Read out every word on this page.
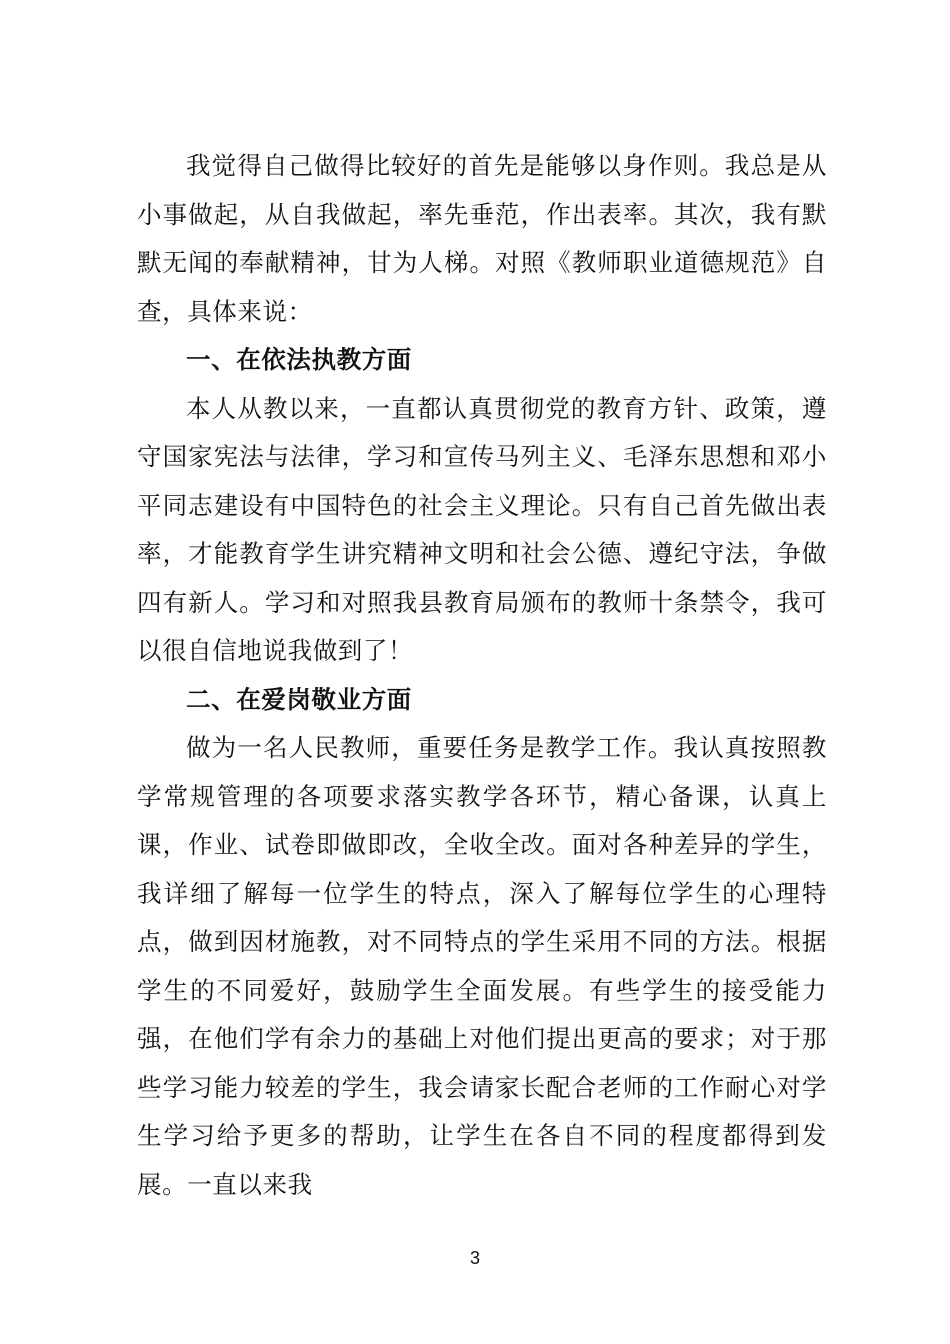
我觉得自己做得比较好的首先是能够以身作则。我总是从小事做起，从自我做起，率先垂范，作出表率。其次，我有默默无闻的奉献精神，甘为人梯。对照《教师职业道德规范》自查，具体来说：

一、在依法执教方面

本人从教以来，一直都认真贯彻党的教育方针、政策，遵守国家宪法与法律，学习和宣传马列主义、毛泽东思想和邓小平同志建设有中国特色的社会主义理论。只有自己首先做出表率，才能教育学生讲究精神文明和社会公德、遵纪守法，争做四有新人。学习和对照我县教育局颁布的教师十条禁令，我可以很自信地说我做到了！

二、在爱岗敬业方面

做为一名人民教师，重要任务是教学工作。我认真按照教学常规管理的各项要求落实教学各环节，精心备课，认真上课，作业、试卷即做即改，全收全改。面对各种差异的学生，我详细了解每一位学生的特点，深入了解每位学生的心理特点，做到因材施教，对不同特点的学生采用不同的方法。根据学生的不同爱好，鼓励学生全面发展。有些学生的接受能力强，在他们学有余力的基础上对他们提出更高的要求；对于那些学习能力较差的学生，我会请家长配合老师的工作耐心对学生学习给予更多的帮助，让学生在各自不同的程度都得到发展。一直以来我

3
